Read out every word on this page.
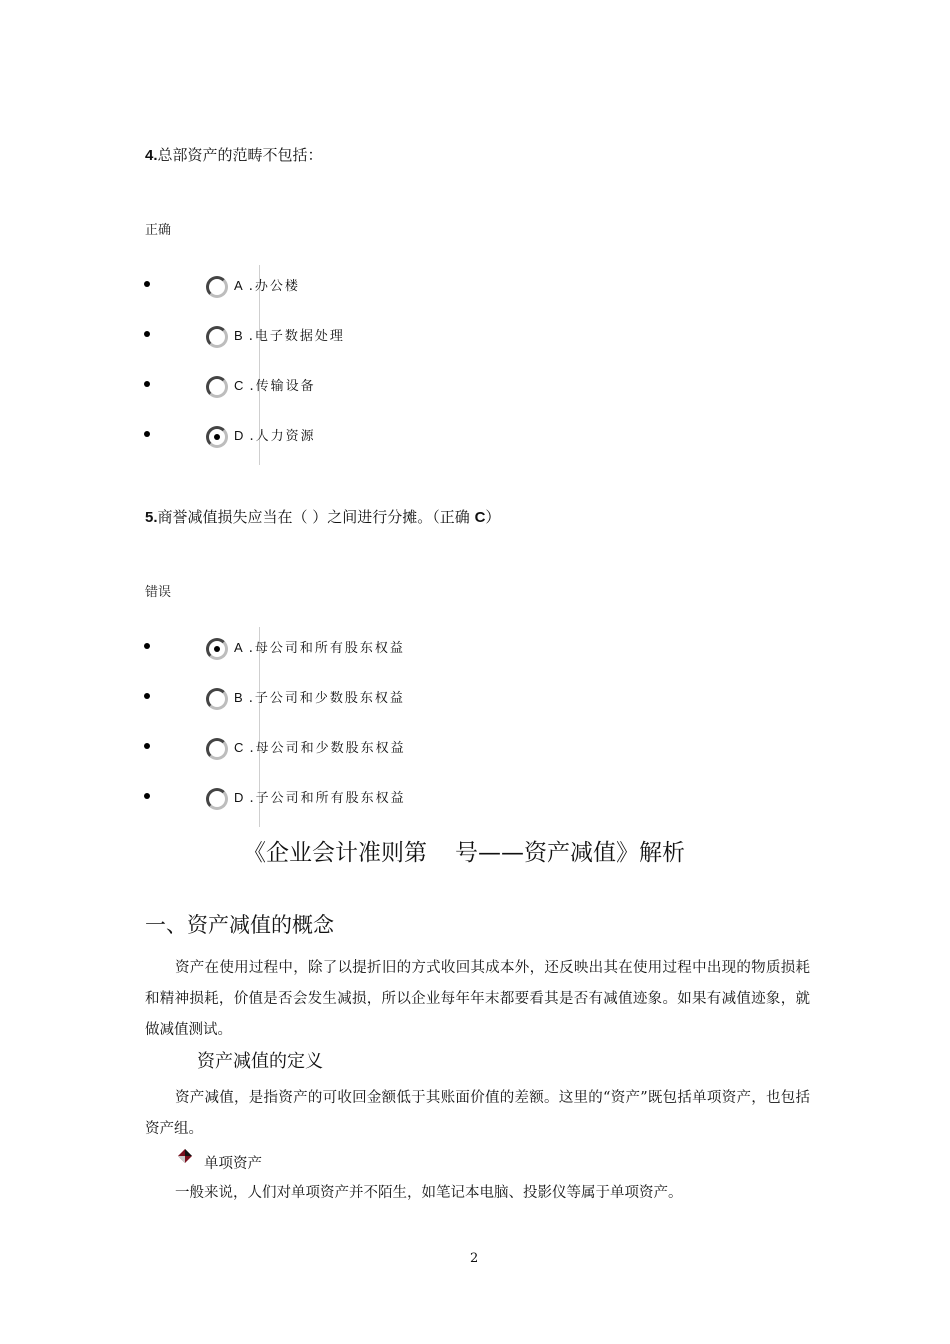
4.总部资产的范畴不包括：
正确
A .办公楼
B .电子数据处理
C .传输设备
D .人力资源
5.商誉减值损失应当在（ ）之间进行分摊。（正确 C）
错误
A .母公司和所有股东权益
B .子公司和少数股东权益
C .母公司和少数股东权益
D .子公司和所有股东权益
《企业会计准则第 号——资产减值》解析
一、资产减值的概念
资产在使用过程中，除了以提折旧的方式收回其成本外，还反映出其在使用过程中出现的物质损耗和精神损耗，价值是否会发生减损，所以企业每年年末都要看其是否有减值迹象。如果有减值迹象，就做减值测试。
资产减值的定义
资产减值，是指资产的可收回金额低于其账面价值的差额。这里的“资产”既包括单项资产，也包括资产组。
单项资产
一般来说，人们对单项资产并不陌生，如笔记本电脑、投影仪等属于单项资产。
2
